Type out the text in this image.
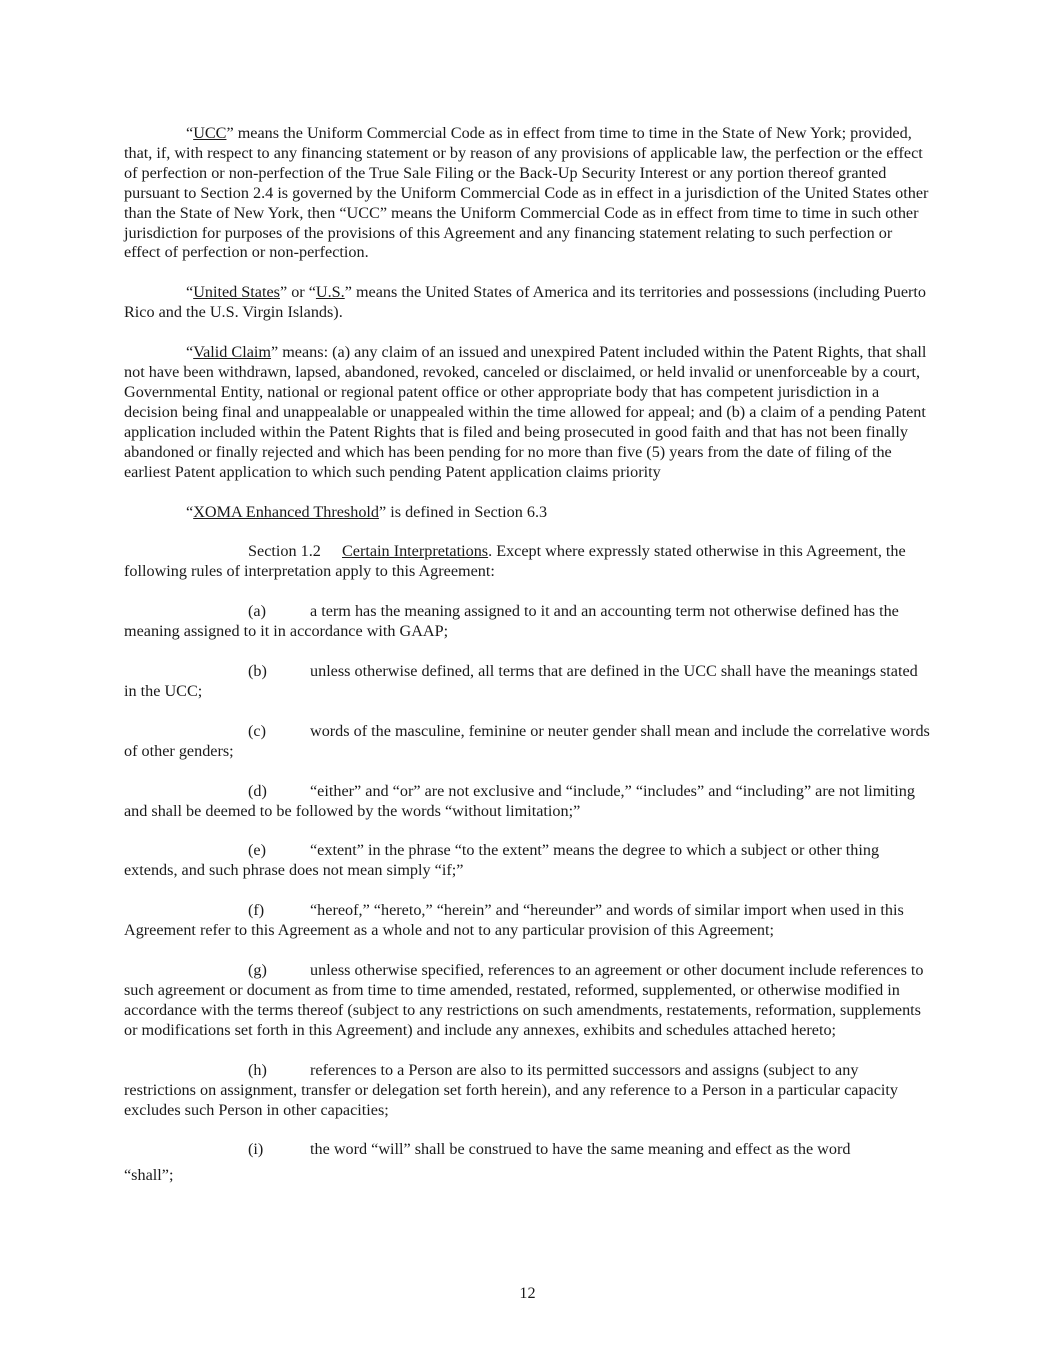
“UCC” means the Uniform Commercial Code as in effect from time to time in the State of New York; provided, that, if, with respect to any financing statement or by reason of any provisions of applicable law, the perfection or the effect of perfection or non-perfection of the True Sale Filing or the Back-Up Security Interest or any portion thereof granted pursuant to Section 2.4 is governed by the Uniform Commercial Code as in effect in a jurisdiction of the United States other than the State of New York, then “UCC” means the Uniform Commercial Code as in effect from time to time in such other jurisdiction for purposes of the provisions of this Agreement and any financing statement relating to such perfection or effect of perfection or non-perfection.

“United States” or “U.S.” means the United States of America and its territories and possessions (including Puerto Rico and the U.S. Virgin Islands).

“Valid Claim” means: (a) any claim of an issued and unexpired Patent included within the Patent Rights, that shall not have been withdrawn, lapsed, abandoned, revoked, canceled or disclaimed, or held invalid or unenforceable by a court, Governmental Entity, national or regional patent office or other appropriate body that has competent jurisdiction in a decision being final and unappealable or unappealed within the time allowed for appeal; and (b) a claim of a pending Patent application included within the Patent Rights that is filed and being prosecuted in good faith and that has not been finally abandoned or finally rejected and which has been pending for no more than five (5) years from the date of filing of the earliest Patent application to which such pending Patent application claims priority

“XOMA Enhanced Threshold” is defined in Section 6.3

Section 1.2 Certain Interpretations. Except where expressly stated otherwise in this Agreement, the following rules of interpretation apply to this Agreement:

(a)	a term has the meaning assigned to it and an accounting term not otherwise defined has the meaning assigned to it in accordance with GAAP;

(b)	unless otherwise defined, all terms that are defined in the UCC shall have the meanings stated in the UCC;

(c)	words of the masculine, feminine or neuter gender shall mean and include the correlative words of other genders;

(d)	“either” and “or” are not exclusive and “include,” “includes” and “including” are not limiting and shall be deemed to be followed by the words “without limitation;”

(e)	“extent” in the phrase “to the extent” means the degree to which a subject or other thing extends, and such phrase does not mean simply “if;”

(f)	“hereof,” “hereto,” “herein” and “hereunder” and words of similar import when used in this Agreement refer to this Agreement as a whole and not to any particular provision of this Agreement;

(g)	unless otherwise specified, references to an agreement or other document include references to such agreement or document as from time to time amended, restated, reformed, supplemented, or otherwise modified in accordance with the terms thereof (subject to any restrictions on such amendments, restatements, reformation, supplements or modifications set forth in this Agreement) and include any annexes, exhibits and schedules attached hereto;

(h)	references to a Person are also to its permitted successors and assigns (subject to any restrictions on assignment, transfer or delegation set forth herein), and any reference to a Person in a particular capacity excludes such Person in other capacities;

(i)	the word “will” shall be construed to have the same meaning and effect as the word
“shall”;

12
